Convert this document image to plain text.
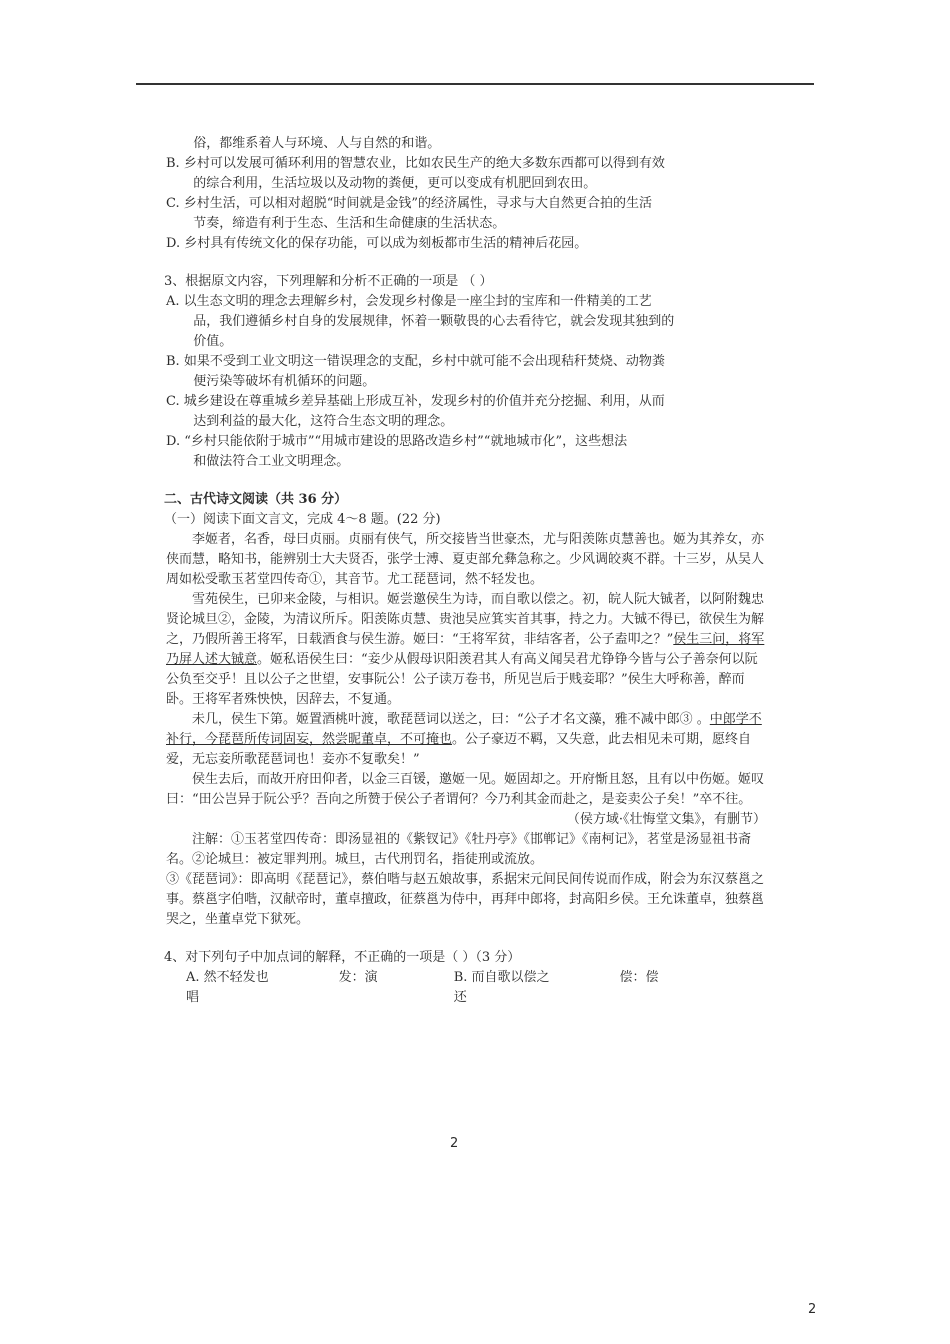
俗，都维系着人与环境、人与自然的和谐。

B. 乡村可以发展可循环利用的智慧农业，比如农民生产的绝大多数东西都可以得到有效
的综合利用，生活垃圾以及动物的粪便，更可以变成有机肥回到农田。

C. 乡村生活，可以相对超脱“时间就是金钱”的经济属性，寻求与大自然更合拍的生活
节奏，缔造有利于生态、生活和生命健康的生活状态。

D. 乡村具有传统文化的保存功能，可以成为刻板都市生活的精神后花园。

3、根据原文内容，下列理解和分析不正确的一项是 （ ）

A. 以生态文明的理念去理解乡村，会发现乡村像是一座尘封的宝库和一件精美的工艺
品，我们遵循乡村自身的发展规律，怀着一颗敬畏的心去看待它，就会发现其独到的
价值。

B. 如果不受到工业文明这一错误理念的支配，乡村中就可能不会出现秸秆焚烧、动物粪
便污染等破坏有机循环的问题。

C. 城乡建设在尊重城乡差异基础上形成互补，发现乡村的价值并充分挖掘、利用，从而
达到利益的最大化，这符合生态文明的理念。

D. “乡村只能依附于城市”“用城市建设的思路改造乡村”“就地城市化”，这些想法
和做法符合工业文明理念。

二、古代诗文阅读（共 36 分）

（一）阅读下面文言文，完成 4～8 题。(22 分)

李姬者，名香，母曰贞丽。贞丽有侠气，所交接皆当世豪杰，尤与阳羡陈贞慧善也。姬为其养女，亦侠而慧，略知书，能辨别士大夫贤否，张学士溥、夏吏部允彝急称之。少风调皎爽不群。十三岁，从吴人周如松受歌玉茗堂四传奇①，其音节。尤工琵琶词，然不轻发也。

雪苑侯生，已卯来金陵，与相识。姬尝邀侯生为诗，而自歌以偿之。初，皖人阮大铖者，以阿附魏忠贤论城旦②，金陵，为清议所斥。阳羡陈贞慧、贵池吴应箕实首其事，持之力。大铖不得已，欲侯生为解之，乃假所善王将军，日载酒食与侯生游。姬曰：“王将军贫，非结客者，公子盍叩之？”侯生三问，将军乃屏人述大铖意。姬私语侯生曰：“妾少从假母识阳羡君其人有高义闻吴君尤铮铮今皆与公子善奈何以阮公负至交乎！且以公子之世望，安事阮公！公子读万卷书，所见岂后于贱妾耶？”侯生大呼称善，醉而卧。王将军者殊怏怏，因辞去，不复通。

未几，侯生下第。姬置酒桃叶渡，歌琵琶词以送之，曰：“公子才名文藻，雅不减中郎③ 。中郎学不补行，今琵琶所传词固妄，然尝昵董卓，不可掩也。公子豪迈不羁，又失意，此去相见未可期，愿终自爱，无忘妾所歌琵琶词也！妾亦不复歌矣！”

侯生去后，而故开府田仰者，以金三百锾，邀姬一见。姬固却之。开府惭且怒，且有以中伤姬。姬叹曰：“田公岂异于阮公乎？吾向之所赞于侯公子者谓何？今乃利其金而赴之，是妾卖公子矣！”卒不往。

（侯方域·《壮悔堂文集》，有删节）

注解：①玉茗堂四传奇：即汤显祖的《紫钗记》《牡丹亭》《邯郸记》《南柯记》，茗堂是汤显祖书斋名。②论城旦：被定罪判刑。城旦，古代刑罚名，指徒刑或流放。

③《琵琶词》：即高明《琵琶记》，蔡伯喈与赵五娘故事，系据宋元间民间传说而作成，附会为东汉蔡邕之事。蔡邕字伯喈，汉献帝时，董卓擅政，征蔡邕为侍中，再拜中郎将，封高阳乡侯。王允诛董卓，独蔡邕哭之，坐董卓党下狱死。

4、对下列句子中加点词的解释，不正确的一项是（ ）（3 分）

A. 然不轻发也	发：演唱
B. 而自歌以偿之	偿：偿还
2
2
